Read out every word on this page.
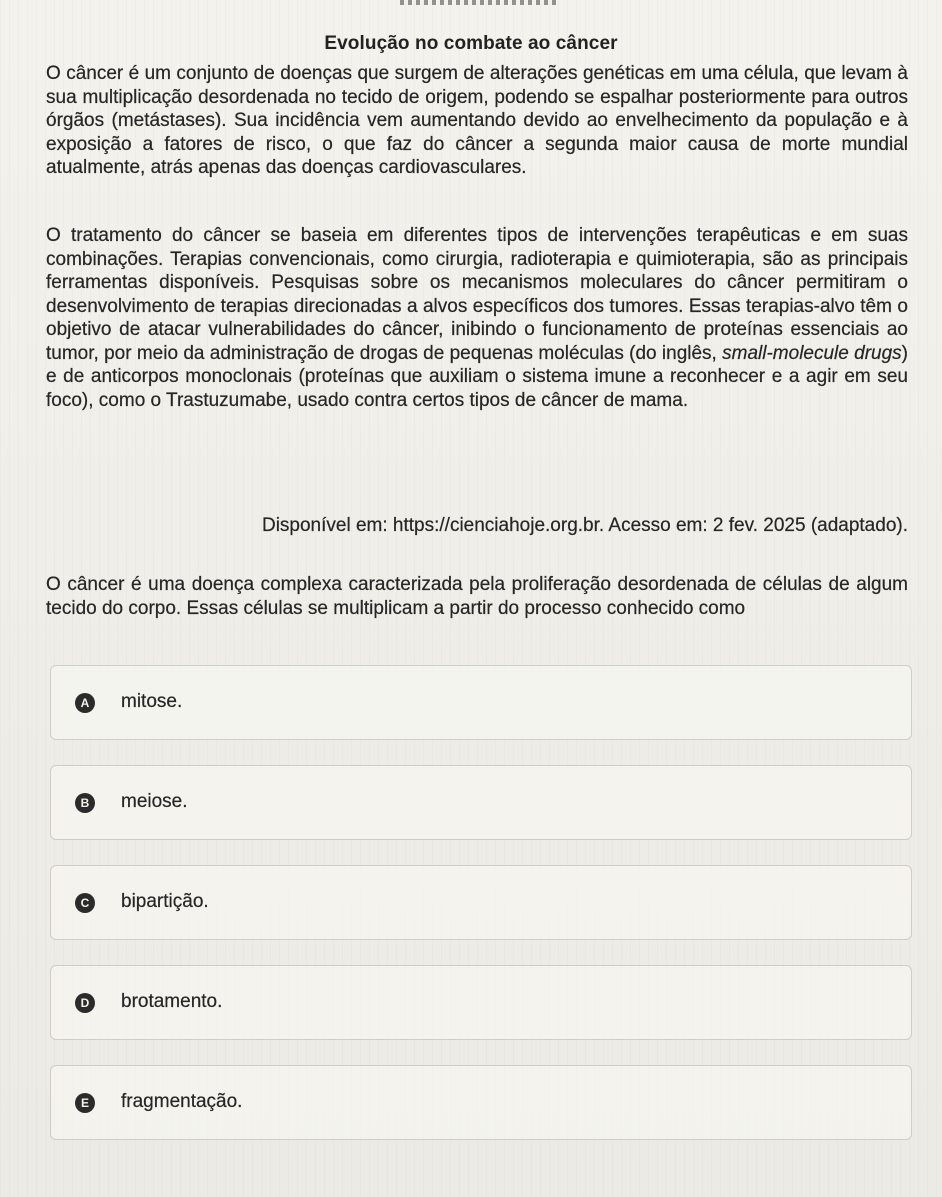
Evolução no combate ao câncer
O câncer é um conjunto de doenças que surgem de alterações genéticas em uma célula, que levam à sua multiplicação desordenada no tecido de origem, podendo se espalhar posteriormente para outros órgãos (metástases). Sua incidência vem aumentando devido ao envelhecimento da população e à exposição a fatores de risco, o que faz do câncer a segunda maior causa de morte mundial atualmente, atrás apenas das doenças cardiovasculares.
O tratamento do câncer se baseia em diferentes tipos de intervenções terapêuticas e em suas combinações. Terapias convencionais, como cirurgia, radioterapia e quimioterapia, são as principais ferramentas disponíveis. Pesquisas sobre os mecanismos moleculares do câncer permitiram o desenvolvimento de terapias direcionadas a alvos específicos dos tumores. Essas terapias-alvo têm o objetivo de atacar vulnerabilidades do câncer, inibindo o funcionamento de proteínas essenciais ao tumor, por meio da administração de drogas de pequenas moléculas (do inglês, small-molecule drugs) e de anticorpos monoclonais (proteínas que auxiliam o sistema imune a reconhecer e a agir em seu foco), como o Trastuzumabe, usado contra certos tipos de câncer de mama.
Disponível em: https://cienciahoje.org.br. Acesso em: 2 fev. 2025 (adaptado).
O câncer é uma doença complexa caracterizada pela proliferação desordenada de células de algum tecido do corpo. Essas células se multiplicam a partir do processo conhecido como
A mitose.
B meiose.
C bipartição.
D brotamento.
E	fragmentação.
